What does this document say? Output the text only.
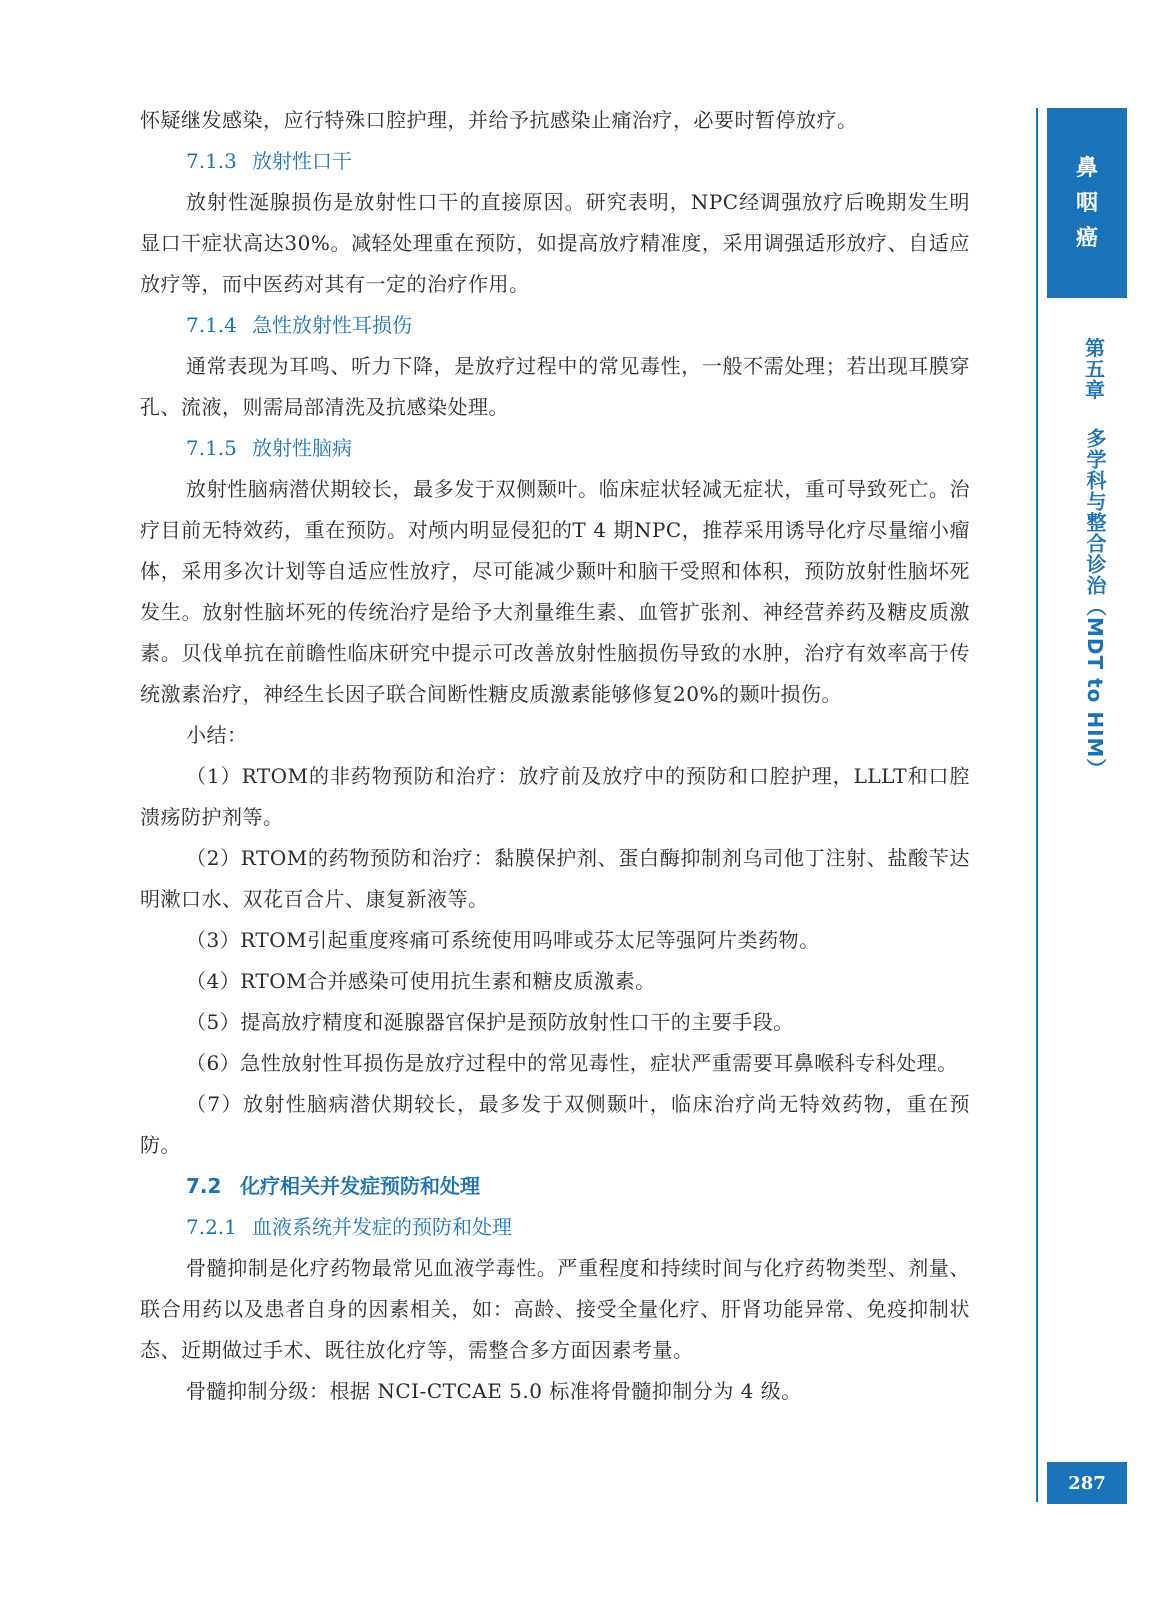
怀疑继发感染，应行特殊口腔护理，并给予抗感染止痛治疗，必要时暂停放疗。

7.1.3 放射性口干

放射性涎腺损伤是放射性口干的直接原因。研究表明，NPC经调强放疗后晚期发生明显口干症状高达30%。减轻处理重在预防，如提高放疗精准度，采用调强适形放疗、自适应放疗等，而中医药对其有一定的治疗作用。

7.1.4 急性放射性耳损伤

通常表现为耳鸣、听力下降，是放疗过程中的常见毒性，一般不需处理；若出现耳膜穿孔、流液，则需局部清洗及抗感染处理。

7.1.5 放射性脑病

放射性脑病潜伏期较长，最多发于双侧颞叶。临床症状轻减无症状，重可导致死亡。治疗目前无特效药，重在预防。对颅内明显侵犯的T 4 期NPC，推荐采用诱导化疗尽量缩小瘤体，采用多次计划等自适应性放疗，尽可能减少颞叶和脑干受照和体积，预防放射性脑坏死发生。放射性脑坏死的传统治疗是给予大剂量维生素、血管扩张剂、神经营养药及糖皮质激素。贝伐单抗在前瞻性临床研究中提示可改善放射性脑损伤导致的水肿，治疗有效率高于传统激素治疗，神经生长因子联合间断性糖皮质激素能够修复20%的颞叶损伤。

小结：

（1）RTOM的非药物预防和治疗：放疗前及放疗中的预防和口腔护理，LLLT和口腔溃疡防护剂等。

（2）RTOM的药物预防和治疗：黏膜保护剂、蛋白酶抑制剂乌司他丁注射、盐酸苄达明漱口水、双花百合片、康复新液等。

（3）RTOM引起重度疼痛可系统使用吗啡或芬太尼等强阿片类药物。

（4）RTOM合并感染可使用抗生素和糖皮质激素。

（5）提高放疗精度和涎腺器官保护是预防放射性口干的主要手段。

（6）急性放射性耳损伤是放疗过程中的常见毒性，症状严重需要耳鼻喉科专科处理。

（7）放射性脑病潜伏期较长，最多发于双侧颞叶，临床治疗尚无特效药物，重在预防。

7.2 化疗相关并发症预防和处理

7.2.1 血液系统并发症的预防和处理

骨髓抑制是化疗药物最常见血液学毒性。严重程度和持续时间与化疗药物类型、剂量、联合用药以及患者自身的因素相关，如：高龄、接受全量化疗、肝肾功能异常、免疫抑制状态、近期做过手术、既往放化疗等，需整合多方面因素考量。

骨髓抑制分级：根据 NCI-CTCAE 5.0 标准将骨髓抑制分为 4 级。

鼻
咽
癌
第
五
章
多学科与整合诊治（MDT to HIM）
287
